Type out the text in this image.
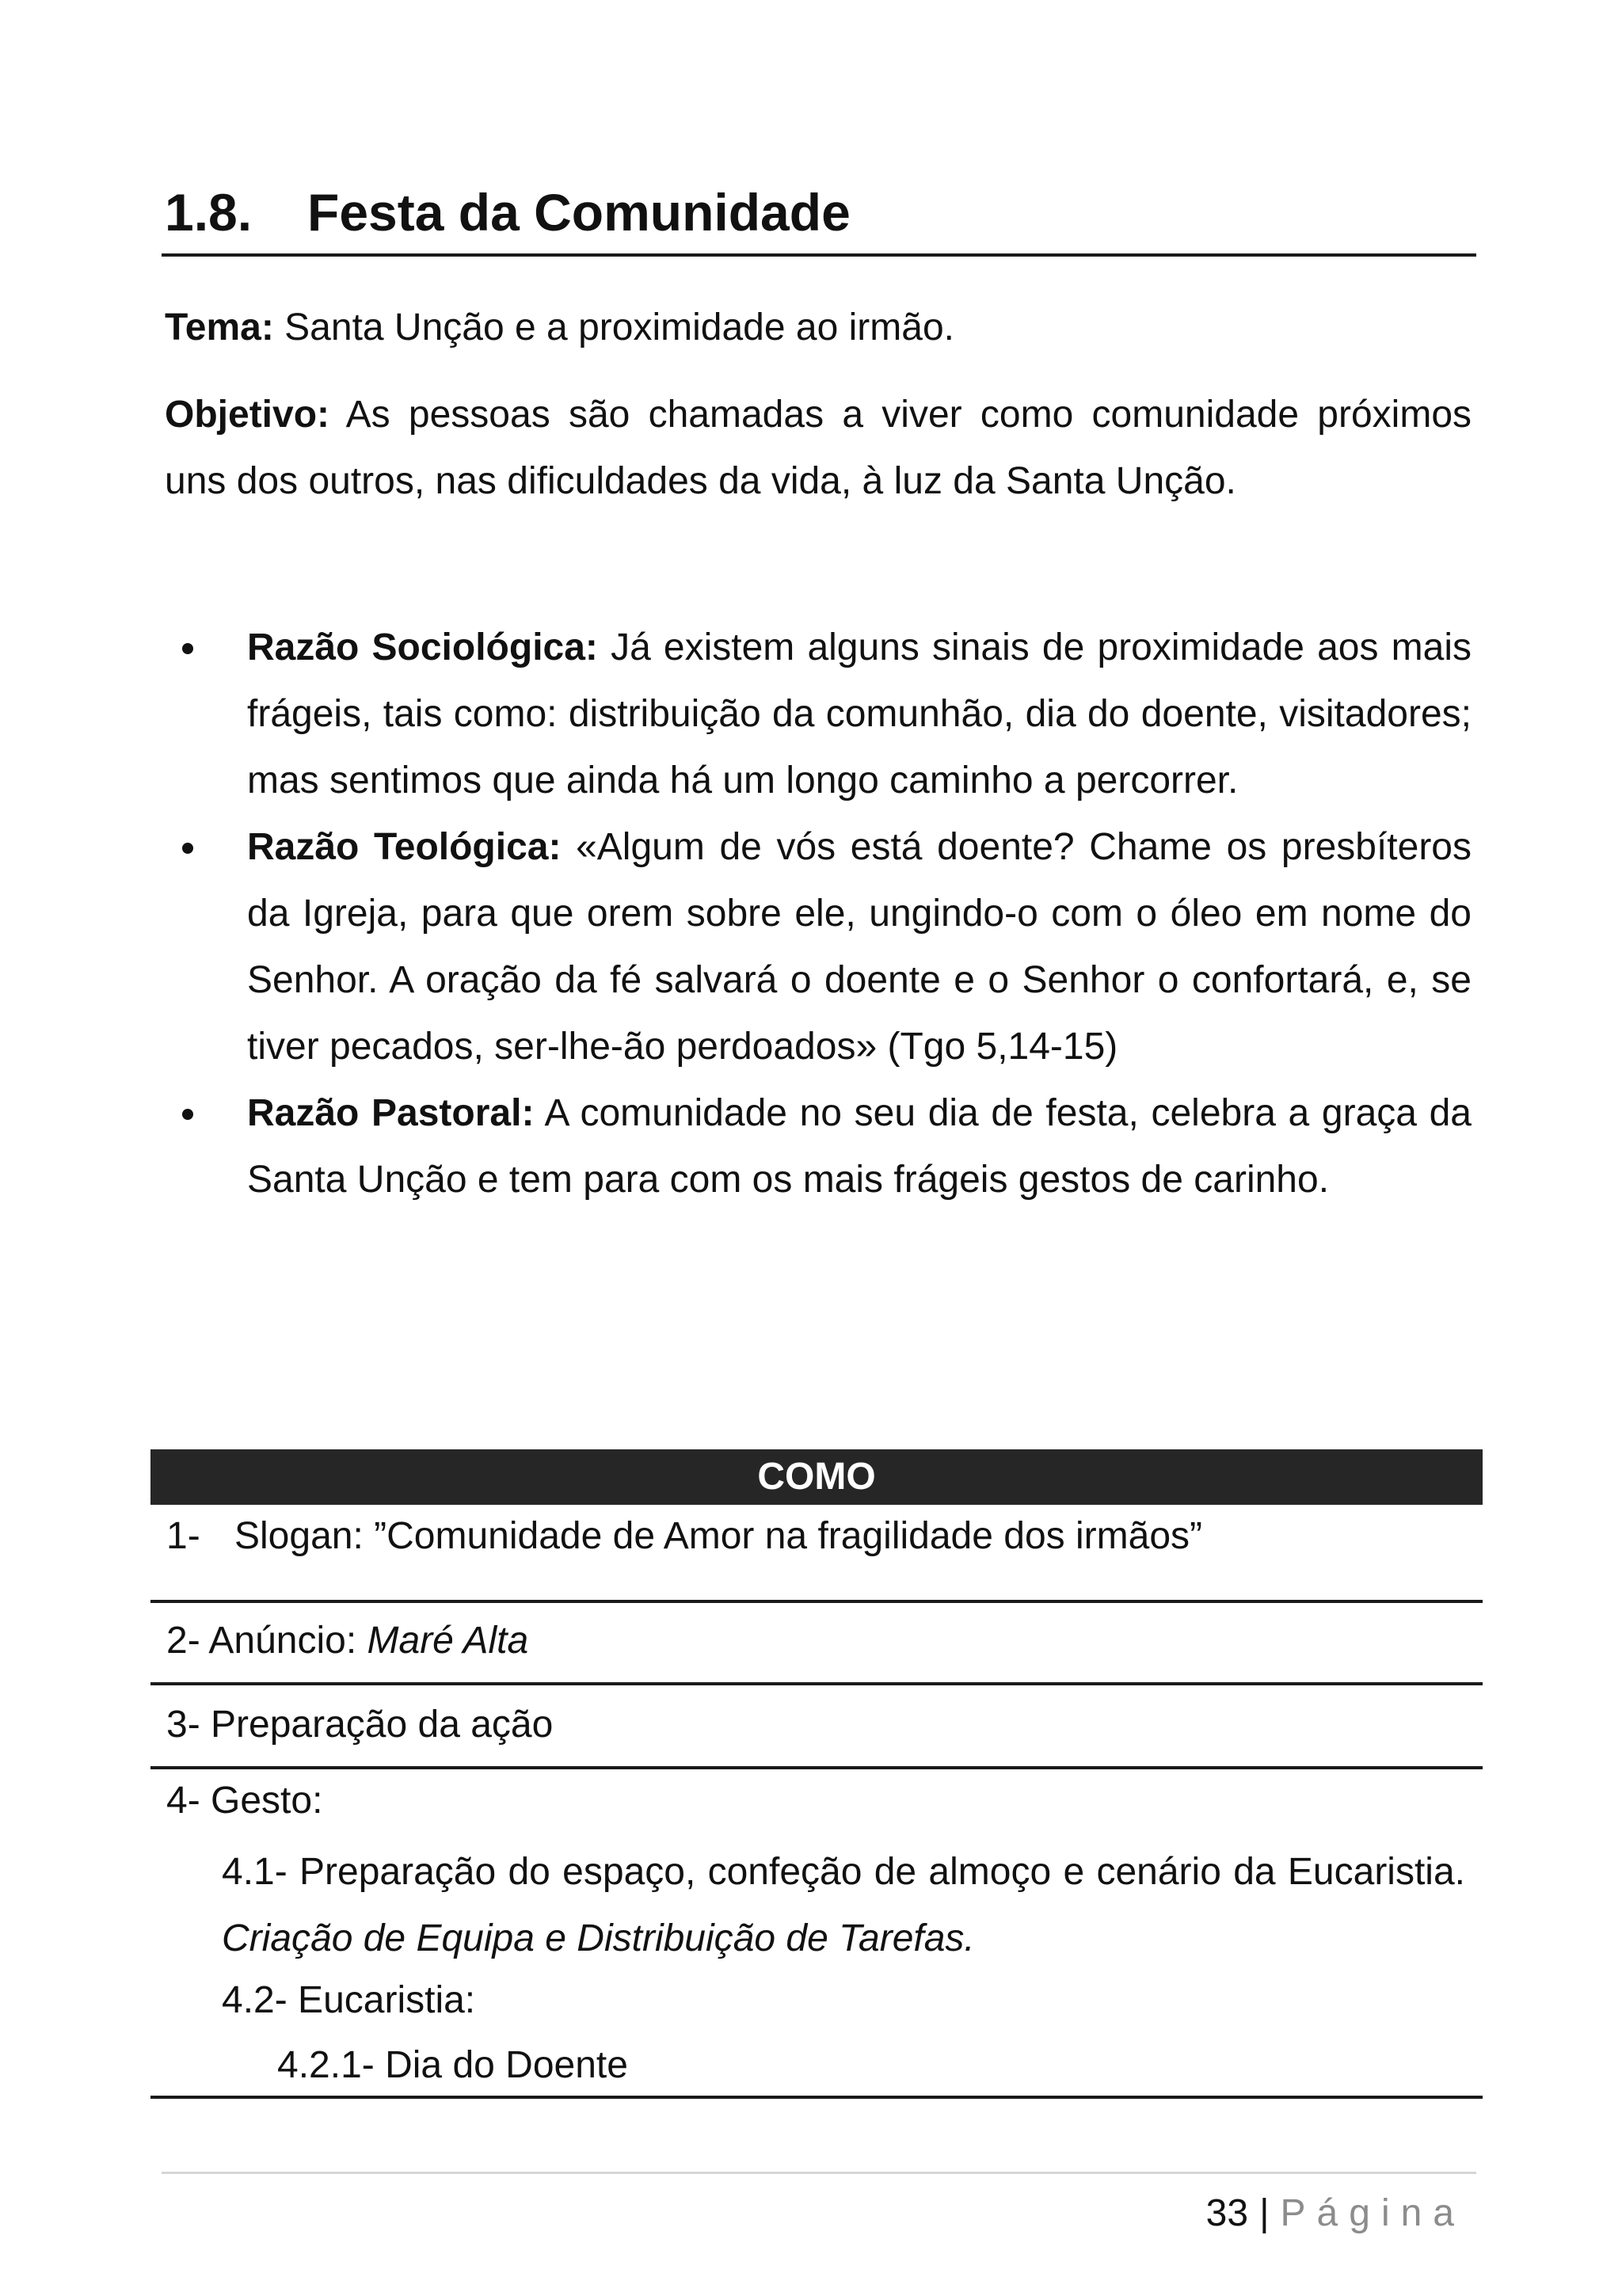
1.8. Festa da Comunidade

Tema: Santa Unção e a proximidade ao irmão.

Objetivo: As pessoas são chamadas a viver como comunidade próximos uns dos outros, nas dificuldades da vida, à luz da Santa Unção.

Razão Sociológica: Já existem alguns sinais de proximidade aos mais frágeis, tais como: distribuição da comunhão, dia do doente, visitadores; mas sentimos que ainda há um longo caminho a percorrer.
Razão Teológica: «Algum de vós está doente? Chame os presbíteros da Igreja, para que orem sobre ele, ungindo-o com o óleo em nome do Senhor. A oração da fé salvará o doente e o Senhor o confortará, e, se tiver pecados, ser-lhe-ão perdoados» (Tgo 5,14-15)
Razão Pastoral: A comunidade no seu dia de festa, celebra a graça da Santa Unção e tem para com os mais frágeis gestos de carinho.
COMO
1- Slogan: ”Comunidade de Amor na fragilidade dos irmãos”
2- Anúncio: Maré Alta
3- Preparação da ação
4- Gesto:
4.1- Preparação do espaço, confeção de almoço e cenário da Eucaristia. Criação de Equipa e Distribuição de Tarefas.
4.2- Eucaristia:
4.2.1- Dia do Doente
33 | Página
